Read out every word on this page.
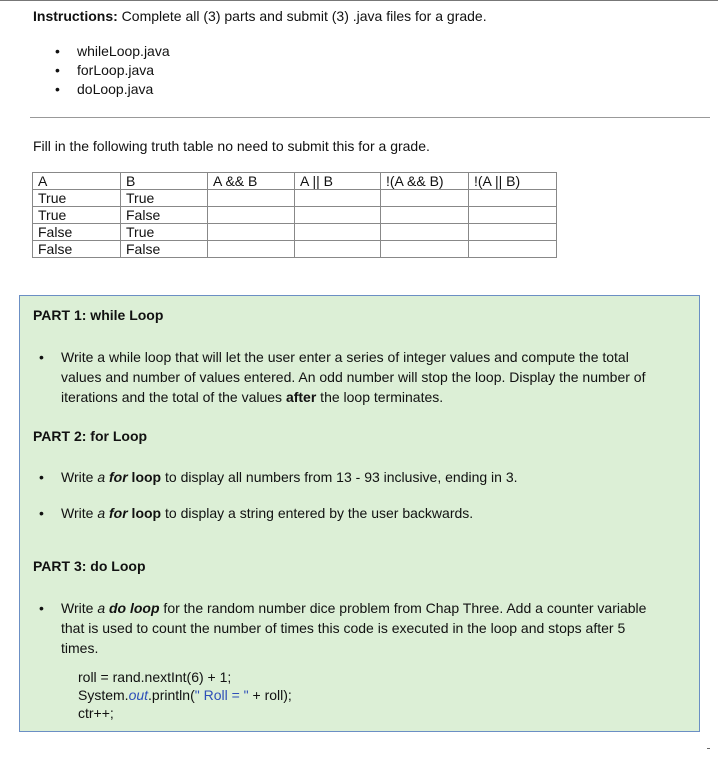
Instructions: Complete all (3) parts and submit (3) .java files for a grade.
• whileLoop.java
• forLoop.java
• doLoop.java
Fill in the following truth table no need to submit this for a grade.
A	B	A && B	A || B	!(A && B)	!(A || B)
True	True				
True	False				
False	True				
False	False				
PART 1: while Loop
• Write a while loop that will let the user enter a series of integer values and compute the total
values and number of values entered. An odd number will stop the loop. Display the number of
iterations and the total of the values after the loop terminates.
PART 2: for Loop
• Write a for loop to display all numbers from 13 - 93 inclusive, ending in 3.
• Write a for loop to display a string entered by the user backwards.
PART 3: do Loop
• Write a do loop for the random number dice problem from Chap Three. Add a counter variable
that is used to count the number of times this code is executed in the loop and stops after 5
times.
roll = rand.nextInt(6) + 1;
System.out.println(" Roll = " + roll);
ctr++;
